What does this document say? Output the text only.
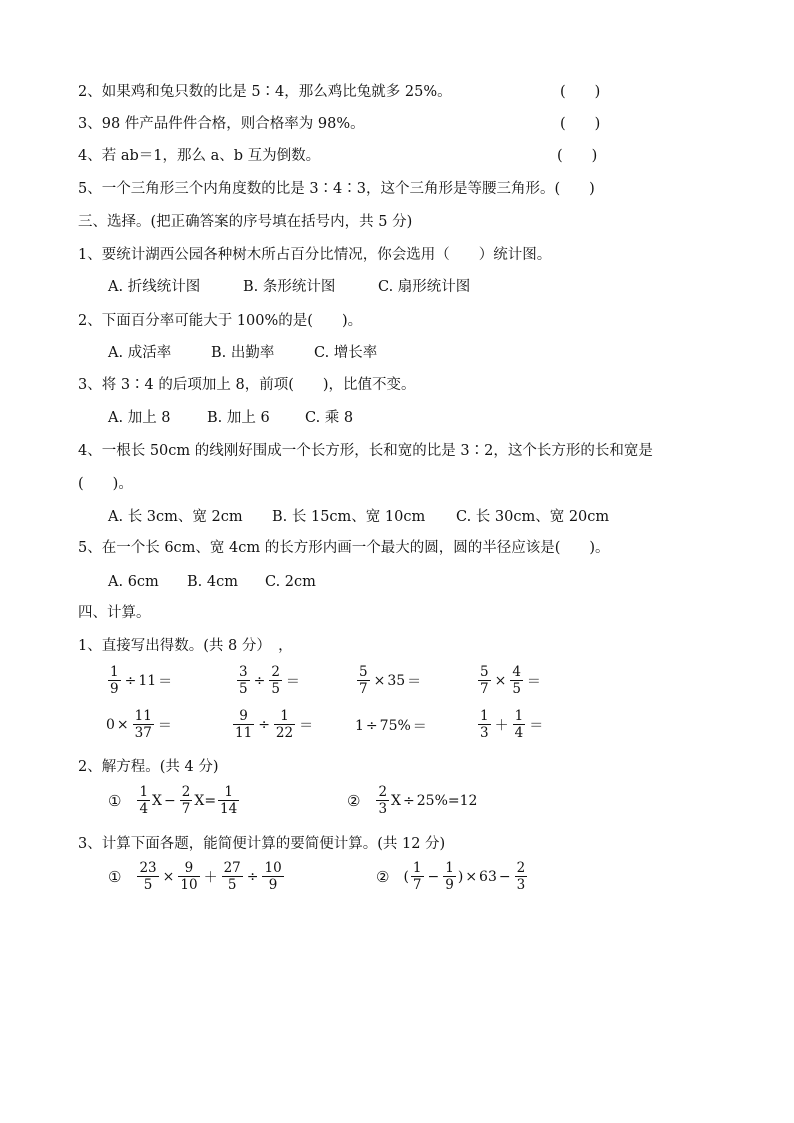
2、如果鸡和兔只数的比是 5∶4，那么鸡比兔就多 25%。	(　　)
3、98 件产品件件合格，则合格率为 98%。	(　　)
4、若 ab＝1，那么 a、b 互为倒数。	(　　)
5、一个三角形三个内角度数的比是 3∶4∶3，这个三角形是等腰三角形。(　　)
三、选择。(把正确答案的序号填在括号内，共 5 分)
1、要统计湖西公园各种树木所占百分比情况，你会选用（　　）统计图。
A. 折线统计图	B. 条形统计图	C. 扇形统计图
2、下面百分率可能大于 100%的是(　　)。
A. 成活率	B. 出勤率	C. 增长率
3、将 3∶4 的后项加上 8，前项(　　)，比值不变。
A. 加上 8	B. 加上 6 C. 乘 8
4、一根长 50cm 的线刚好围成一个长方形，长和宽的比是 3∶2，这个长方形的长和宽是
(　　)。
A. 长 3cm、宽 2cm B. 长 15cm、宽 10cm C. 长 30cm、宽 20cm
5、在一个长 6cm、宽 4cm 的长方形内画一个最大的圆，圆的半径应该是(　　)。
A. 6cm B. 4cm C. 2cm
四、计算。
1、直接写出得数。(共 8 分）　，
$\frac{1}{9} \div 11$ ＝	$\frac{3}{5} \div \frac{2}{5}$ ＝	$\frac{5}{7} \times 35$ ＝	$\frac{5}{7} \times \frac{4}{5}$ ＝
$0 \times \frac{11}{37}$ ＝	$\frac{9}{11} \div \frac{1}{22}$ ＝	1 ÷ 75% ＝	$\frac{1}{3} + \frac{1}{4}$ ＝
2、解方程。(共 4 分)
① $\frac{1}{4}$ $X - \frac{2}{7}$ $X = \frac{1}{14}$	② $\frac{2}{3}$ X ÷ 25% =12
3、计算下面各题，能简便计算的要简便计算。(共 12 分)
① $\frac{23}{5} \times \frac{9}{10} + \frac{27}{5} \div \frac{10}{9}$	② ( $\frac{1}{7} - \frac{1}{9}$ ) × $63 - \frac{2}{3}$
